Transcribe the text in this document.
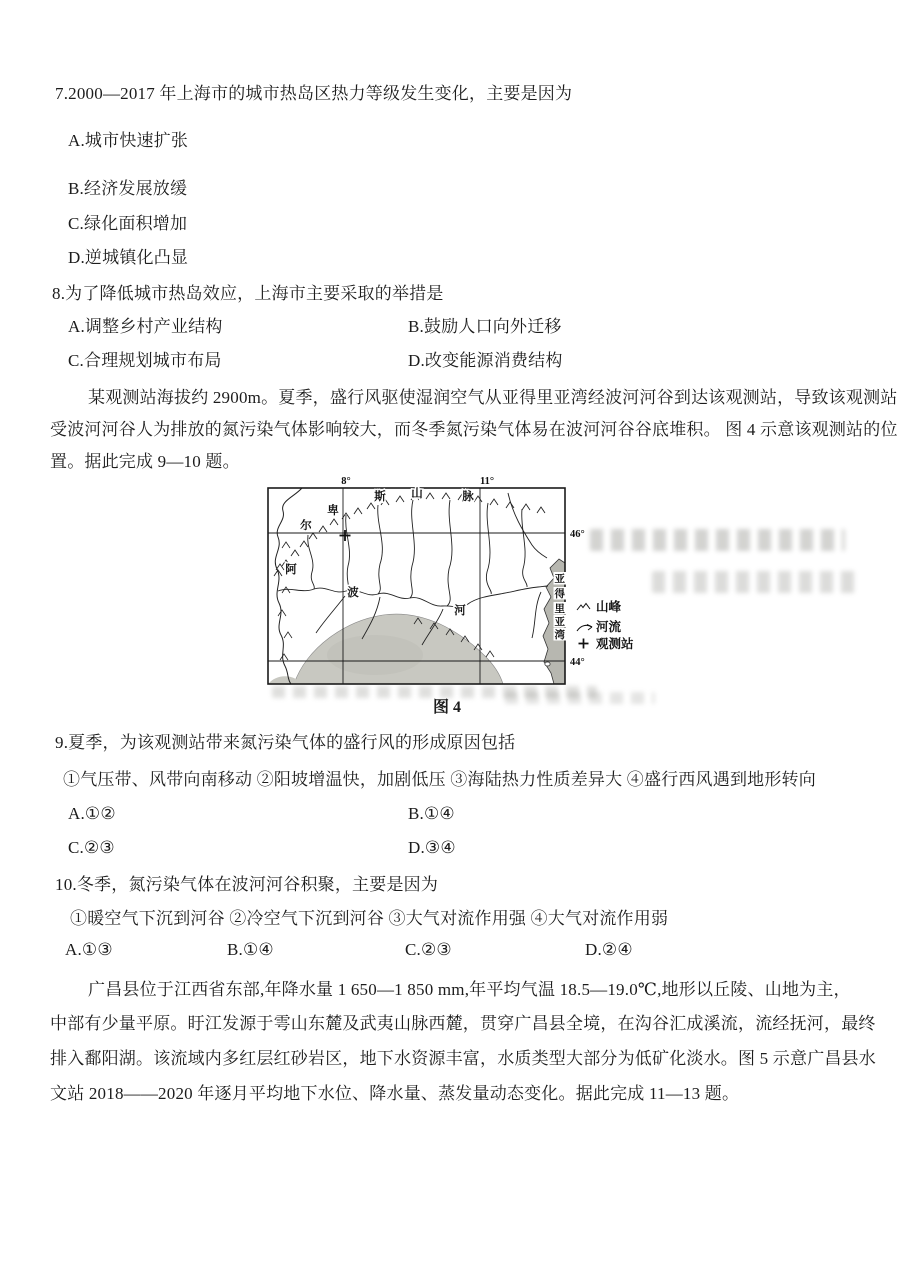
7.2000—2017 年上海市的城市热岛区热力等级发生变化，主要是因为
A.城市快速扩张
B.经济发展放缓
C.绿化面积增加
D.逆城镇化凸显
8.为了降低城市热岛效应，上海市主要采取的举措是
A.调整乡村产业结构	B.鼓励人口向外迁移
C.合理规划城市布局	D.改变能源消费结构
某观测站海拔约 2900m。夏季，盛行风驱使湿润空气从亚得里亚湾经波河河谷到达该观测站，导致该观测站
受波河河谷人为排放的氮污染气体影响较大，而冬季氮污染气体易在波河河谷谷底堆积。 图 4 示意该观测站的位
置。据此完成 9—10 题。
8°	11°
46°
44°
阿
尔
卑
斯 山	脉
波
河
亚
得
里
亚
湾
山峰
河流
观测站
图 4
9.夏季，为该观测站带来氮污染气体的盛行风的形成原因包括
①气压带、风带向南移动 ②阳坡增温快，加剧低压 ③海陆热力性质差异大 ④盛行西风遇到地形转向
A.①②	B.①④
C.②③	D.③④
10.冬季，氮污染气体在波河河谷积聚，主要是因为
①暖空气下沉到河谷 ②冷空气下沉到河谷 ③大气对流作用强 ④大气对流作用弱
A.①③	B.①④	C.②③	D.②④
广昌县位于江西省东部,年降水量 1 650—1 850 mm,年平均气温 18.5—19.0℃,地形以丘陵、山地为主，
中部有少量平原。盱江发源于雩山东麓及武夷山脉西麓，贯穿广昌县全境，在沟谷汇成溪流，流经抚河，最终
排入鄱阳湖。该流域内多红层红砂岩区，地下水资源丰富，水质类型大部分为低矿化淡水。图 5 示意广昌县水
文站 2018——2020 年逐月平均地下水位、降水量、蒸发量动态变化。据此完成 11—13 题。
